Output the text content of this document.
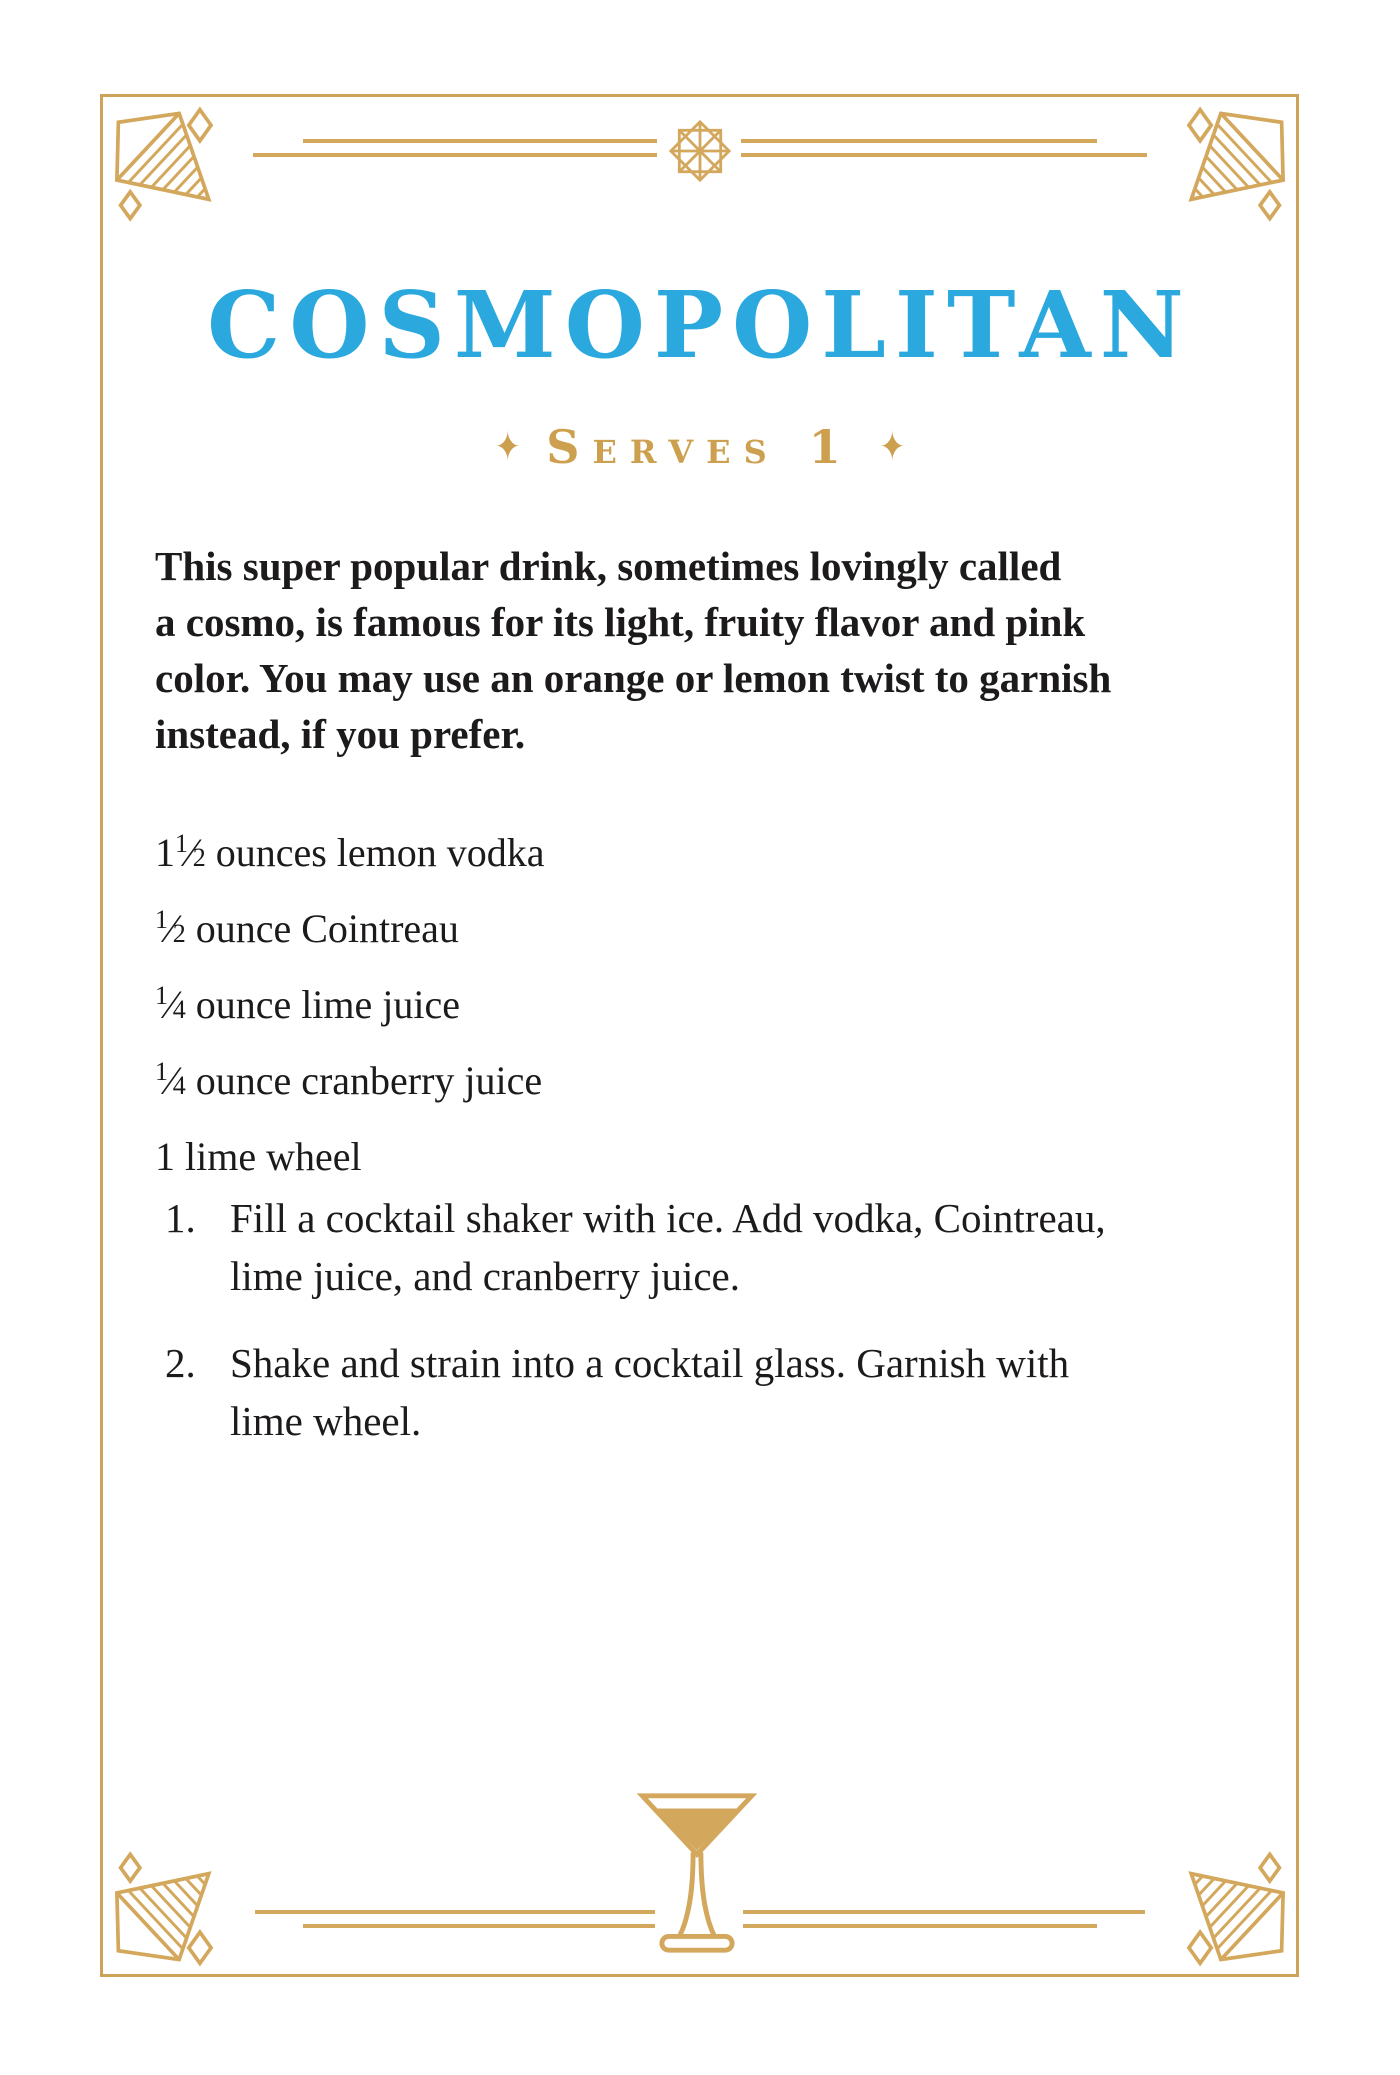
COSMOPOLITAN
✦ Serves 1 ✦
This super popular drink, sometimes lovingly called
a cosmo, is famous for its light, fruity flavor and pink
color. You may use an orange or lemon twist to garnish
instead, if you prefer.
$1^1⁄2$ ounces lemon vodka
$^1$⁄2 ounce Cointreau
$^1$⁄4 ounce lime juice
$^1$⁄4 ounce cranberry juice
1 lime wheel
1. Fill a cocktail shaker with ice. Add vodka, Cointreau,
lime juice, and cranberry juice.
2. Shake and strain into a cocktail glass. Garnish with
lime wheel.
